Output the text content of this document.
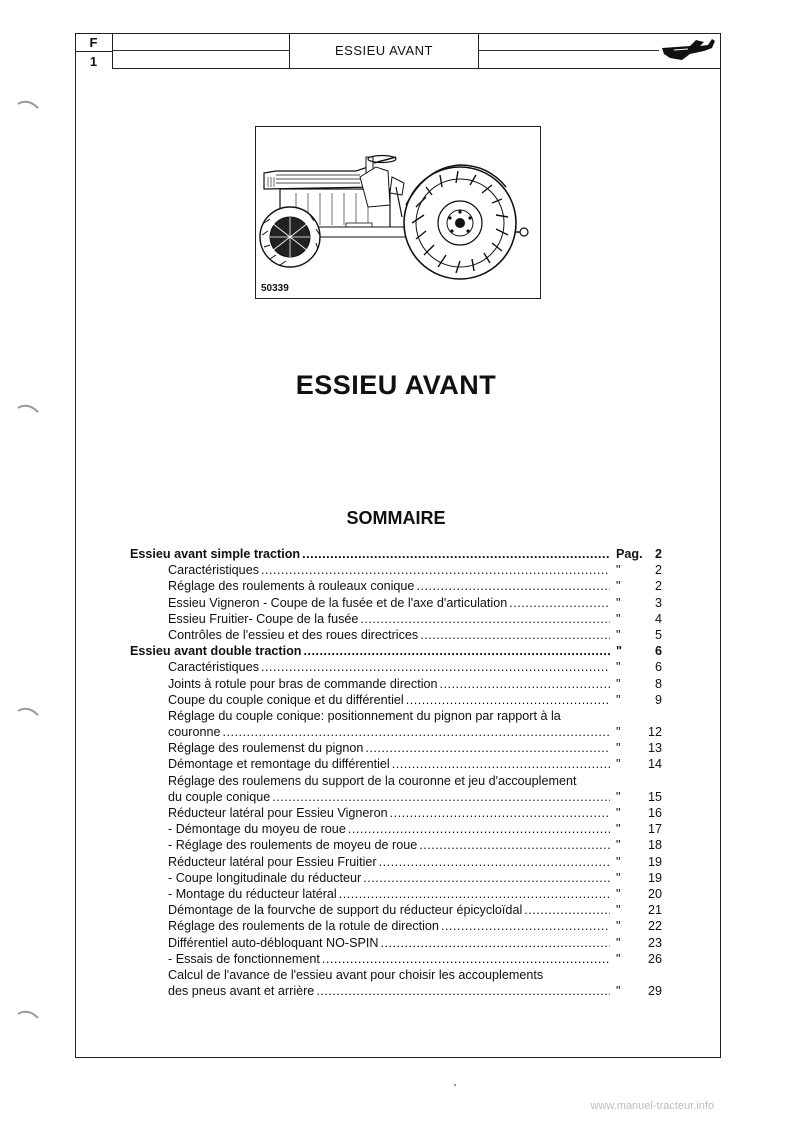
F
1
ESSIEU AVANT
50339
ESSIEU AVANT
SOMMAIRE
Essieu avant simple traction .....	Pag. 2
Caractéristiques .....	"	2
Réglage des roulements à rouleaux conique .....	"	2
Essieu Vigneron - Coupe de la fusée et de l'axe d'articulation .....	"	3
Essieu Fruitier- Coupe de la fusée .....	"	4
Contrôles de l'essieu et des roues directrices .....	"	5
Essieu avant double traction .....	"	6
Caractéristiques .....	"	6
Joints à rotule pour bras de commande direction .....	"	8
Coupe du couple conique et du différentiel .....	"	9
Réglage du couple conique: positionnement du pignon par rapport à la
couronne .....	"	12
Réglage des roulemenst du pignon .....	"	13
Démontage et remontage du différentiel .....	"	14
Réglage des roulemens du support de la couronne et jeu d'accouplement
du couple conique .....	"	15
Réducteur latéral pour Essieu Vigneron .....	"	16
- Démontage du moyeu de roue .....	"	17
- Réglage des roulements de moyeu de roue .....	"	18
Réducteur latéral pour Essieu Fruitier .....	"	19
- Coupe longitudinale du réducteur .....	"	19
- Montage du réducteur latéral .....	"	20
Démontage de la fourvche de support du réducteur épicycloïdal .....	"	21
Réglage des roulements de la rotule de direction .....	"	22
Différentiel auto-débloquant NO-SPIN .....	"	23
- Essais de fonctionnement .....	"	26
Calcul de l'avance de l'essieu avant pour choisir les accouplements
des pneus avant et arrière .....	"	29
www.manuel-tracteur.info
